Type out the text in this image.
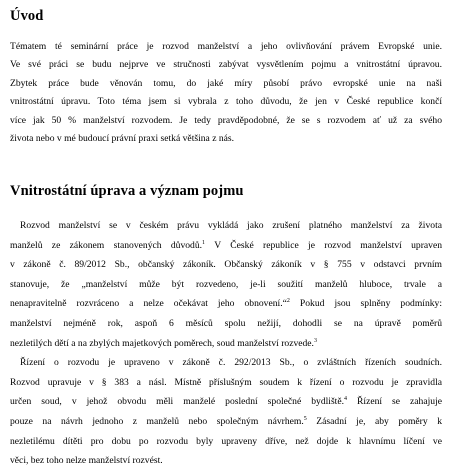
Úvod
Tématem té seminární práce je rozvod manželství a jeho ovlivňování právem Evropské unie.
Ve své práci se budu nejprve ve stručnosti zabývat vysvětlením pojmu a vnitrostátní úpravou.
Zbytek práce bude věnován tomu, do jaké míry působí právo evropské unie na naši
vnitrostátní úpravu. Toto téma jsem si vybrala z toho důvodu, že jen v České republice končí
více jak 50 % manželství rozvodem. Je tedy pravděpodobné, že se s rozvodem ať už za svého
života nebo v mé budoucí právní praxi setká většina z nás.
Vnitrostátní úprava a význam pojmu
Rozvod manželství se v českém právu vykládá jako zrušení platného manželství za života
manželů ze zákonem stanovených důvodů.$^1$ V České republice je rozvod manželství upraven
v zákoně č. 89/2012 Sb., občanský zákoník. Občanský zákoník v § 755 v odstavci prvním
stanovuje, že „manželství může být rozvedeno, je-li soužití manželů hluboce, trvale a
nenapravitelně rozvráceno a nelze očekávat jeho obnovení.“$^2$ Pokud jsou splněny podmínky:
manželství nejméně rok, aspoň 6 měsíců spolu nežijí, dohodli se na úpravě poměrů
nezletilých dětí a na zbylých majetkových poměrech, soud manželství rozvede.$^3$
Řízení o rozvodu je upraveno v zákoně č. 292/2013 Sb., o zvláštních řízeních soudních.
Rozvod upravuje v § 383 a násl. Místně příslušným soudem k řízení o rozvodu je zpravidla
určen soud, v jehož obvodu měli manželé poslední společné bydliště.$^4$ Řízení se zahajuje
pouze na návrh jednoho z manželů nebo společným návrhem.$^5$ Zásadní je, aby poměry k
nezletilému dítěti pro dobu po rozvodu byly upraveny dříve, než dojde k hlavnímu líčení ve
věci, bez toho nelze manželství rozvést.
